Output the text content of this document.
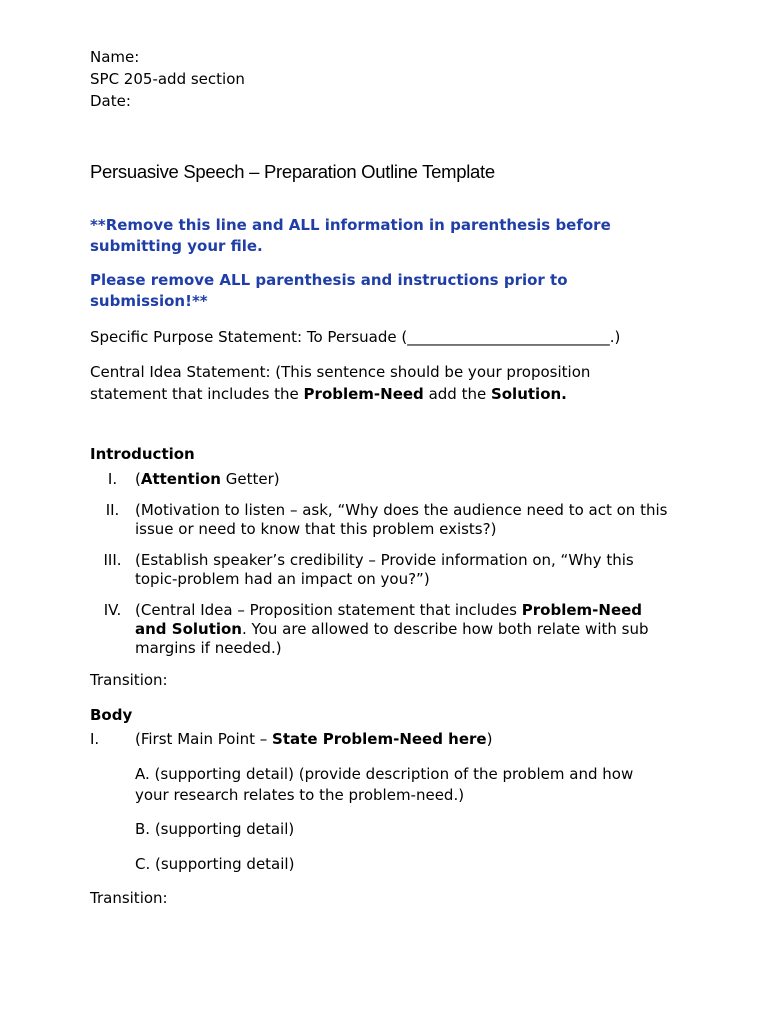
Name:
SPC 205-add section
Date:
Persuasive Speech – Preparation Outline Template
**Remove this line and ALL information in parenthesis before
submitting your file.
Please remove ALL parenthesis and instructions prior to
submission!**
Specific Purpose Statement: To Persuade (___________________________.)
Central Idea Statement: (This sentence should be your proposition
statement that includes the Problem-Need add the Solution.
Introduction
I.	(Attention Getter)
II.	(Motivation to listen – ask, “Why does the audience need to act on this
issue or need to know that this problem exists?)
III. (Establish speaker’s credibility – Provide information on, “Why this
topic-problem had an impact on you?”)
IV. (Central Idea – Proposition statement that includes Problem-Need
and Solution. You are allowed to describe how both relate with sub
margins if needed.)
Transition:
Body
I.	(First Main Point – State Problem-Need here)
A. (supporting detail) (provide description of the problem and how
your research relates to the problem-need.)
B. (supporting detail)
C. (supporting detail)
Transition:
